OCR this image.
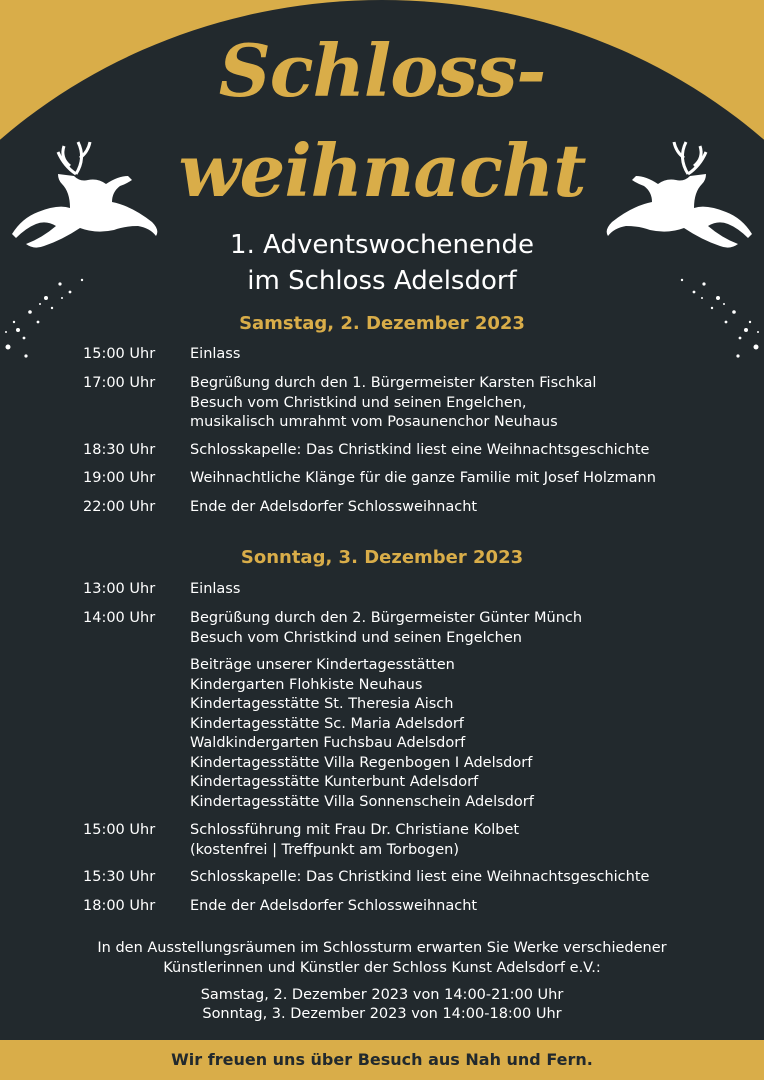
Schloss-
weihnacht
1. Adventswochenende
im Schloss Adelsdorf
Samstag, 2. Dezember 2023
15:00 Uhr Einlass
17:00 Uhr Begrüßung durch den 1. Bürgermeister Karsten Fischkal
Besuch vom Christkind und seinen Engelchen,
musikalisch umrahmt vom Posaunenchor Neuhaus
18:30 Uhr Schlosskapelle: Das Christkind liest eine Weihnachtsgeschichte
19:00 Uhr Weihnachtliche Klänge für die ganze Familie mit Josef Holzmann
22:00 Uhr Ende der Adelsdorfer Schlossweihnacht
Sonntag, 3. Dezember 2023
13:00 Uhr Einlass
14:00 Uhr Begrüßung durch den 2. Bürgermeister Günter Münch
Besuch vom Christkind und seinen Engelchen
Beiträge unserer Kindertagesstätten
Kindergarten Flohkiste Neuhaus
Kindertagesstätte St. Theresia Aisch
Kindertagesstätte Sc. Maria Adelsdorf
Waldkindergarten Fuchsbau Adelsdorf
Kindertagesstätte Villa Regenbogen I Adelsdorf
Kindertagesstätte Kunterbunt Adelsdorf
Kindertagesstätte Villa Sonnenschein Adelsdorf
15:00 Uhr Schlossführung mit Frau Dr. Christiane Kolbet
(kostenfrei | Treffpunkt am Torbogen)
15:30 Uhr Schlosskapelle: Das Christkind liest eine Weihnachtsgeschichte
18:00 Uhr Ende der Adelsdorfer Schlossweihnacht
In den Ausstellungsräumen im Schlossturm erwarten Sie Werke verschiedener
Künstlerinnen und Künstler der Schloss Kunst Adelsdorf e.V.:
Samstag, 2. Dezember 2023 von 14:00-21:00 Uhr
Sonntag, 3. Dezember 2023 von 14:00-18:00 Uhr
Wir freuen uns über Besuch aus Nah und Fern.
